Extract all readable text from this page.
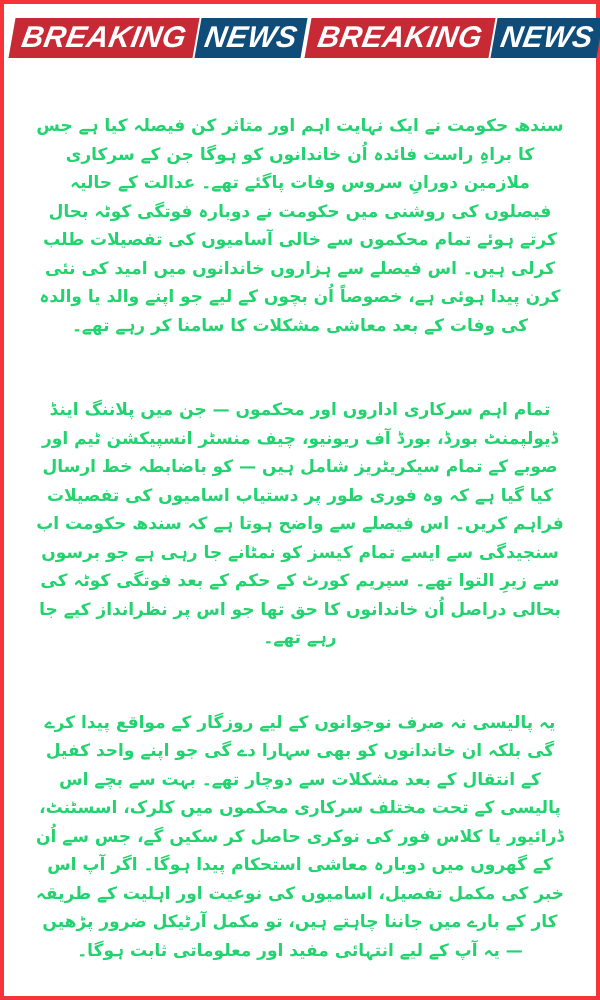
BREAKING NEWS BREAKING NEWS

سندھ حکومت نے ایک نہایت اہم اور متاثر کن فیصلہ کیا ہے جس کا براہِ راست فائدہ اُن خاندانوں کو ہوگا جن کے سرکاری ملازمین دورانِ سروس وفات پاگئے تھے۔ عدالت کے حالیہ فیصلوں کی روشنی میں حکومت نے دوبارہ فوتگی کوٹہ بحال کرتے ہوئے تمام محکموں سے خالی آسامیوں کی تفصیلات طلب کرلی ہیں۔ اس فیصلے سے ہزاروں خاندانوں میں امید کی نئی کرن پیدا ہوئی ہے، خصوصاً اُن بچوں کے لیے جو اپنے والد یا والدہ کی وفات کے بعد معاشی مشکلات کا سامنا کر رہے تھے۔

تمام اہم سرکاری اداروں اور محکموں — جن میں پلاننگ اینڈ ڈیولپمنٹ بورڈ، بورڈ آف ریونیو، چیف منسٹر انسپیکشن ٹیم اور صوبے کے تمام سیکریٹریز شامل ہیں — کو باضابطہ خط ارسال کیا گیا ہے کہ وہ فوری طور پر دستیاب اسامیوں کی تفصیلات فراہم کریں۔ اس فیصلے سے واضح ہوتا ہے کہ سندھ حکومت اب سنجیدگی سے ایسے تمام کیسز کو نمٹانے جا رہی ہے جو برسوں سے زیرِ التوا تھے۔ سپریم کورٹ کے حکم کے بعد فوتگی کوٹہ کی بحالی دراصل اُن خاندانوں کا حق تھا جو اس پر نظرانداز کیے جا رہے تھے۔

یہ پالیسی نہ صرف نوجوانوں کے لیے روزگار کے مواقع پیدا کرے گی بلکہ ان خاندانوں کو بھی سہارا دے گی جو اپنے واحد کفیل کے انتقال کے بعد مشکلات سے دوچار تھے۔ بہت سے بچے اس پالیسی کے تحت مختلف سرکاری محکموں میں کلرک، اسسٹنٹ، ڈرائیور یا کلاس فور کی نوکری حاصل کر سکیں گے، جس سے اُن کے گھروں میں دوبارہ معاشی استحکام پیدا ہوگا۔ اگر آپ اس خبر کی مکمل تفصیل، اسامیوں کی نوعیت اور اہلیت کے طریقہ کار کے بارے میں جاننا چاہتے ہیں، تو مکمل آرٹیکل ضرور پڑھیں — یہ آپ کے لیے انتہائی مفید اور معلوماتی ثابت ہوگا۔
